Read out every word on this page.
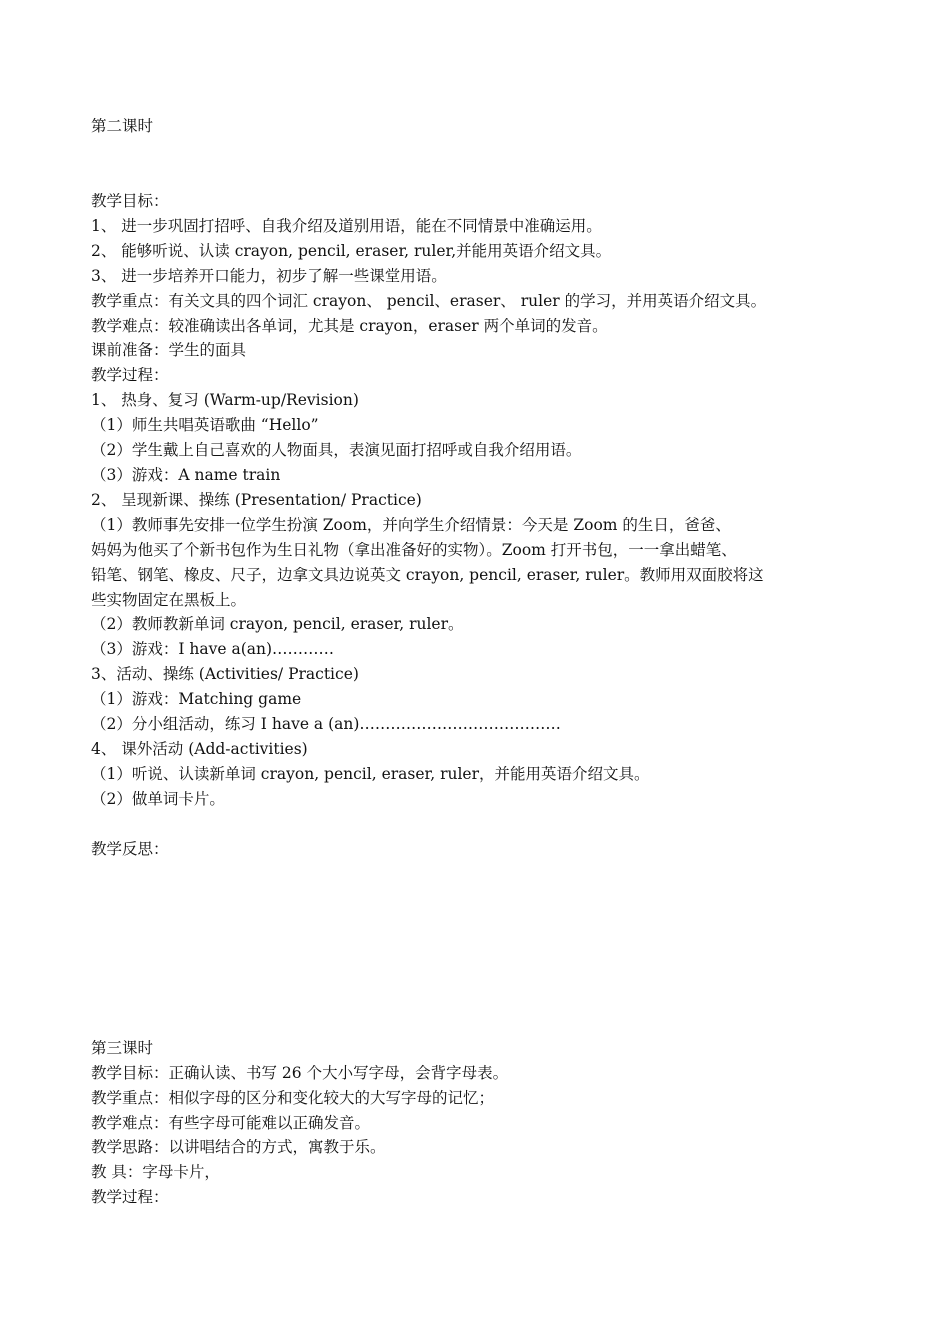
第二课时
教学目标：
1、 进一步巩固打招呼、自我介绍及道别用语，能在不同情景中准确运用。
2、 能够听说、认读 crayon, pencil, eraser, ruler,并能用英语介绍文具。
3、 进一步培养开口能力，初步了解一些课堂用语。
教学重点：有关文具的四个词汇 crayon、 pencil、eraser、 ruler 的学习，并用英语介绍文具。
教学难点：较准确读出各单词，尤其是 crayon，eraser 两个单词的发音。
课前准备：学生的面具
教学过程：
1、 热身、复习 (Warm-up/Revision)
（1）师生共唱英语歌曲 “Hello”
（2）学生戴上自己喜欢的人物面具，表演见面打招呼或自我介绍用语。
（3）游戏：A name train
2、 呈现新课、操练 (Presentation/ Practice)
（1）教师事先安排一位学生扮演 Zoom，并向学生介绍情景：今天是 Zoom 的生日，爸爸、
妈妈为他买了个新书包作为生日礼物（拿出准备好的实物）。Zoom 打开书包，一一拿出蜡笔、
铅笔、钢笔、橡皮、尺子，边拿文具边说英文 crayon, pencil, eraser, ruler。教师用双面胶将这
些实物固定在黑板上。
（2）教师教新单词 crayon, pencil, eraser, ruler。
（3）游戏：I have a(an)…………
3、活动、操练 (Activities/ Practice)
（1）游戏：Matching game
（2）分小组活动，练习 I have a (an)…………………………………
4、 课外活动 (Add-activities)
（1）听说、认读新单词 crayon, pencil, eraser, ruler，并能用英语介绍文具。
（2）做单词卡片。
教学反思：
第三课时
教学目标：正确认读、书写 26 个大小写字母，会背字母表。
教学重点：相似字母的区分和变化较大的大写字母的记忆；
教学难点：有些字母可能难以正确发音。
教学思路：以讲唱结合的方式，寓教于乐。
教 具：字母卡片，
教学过程：
